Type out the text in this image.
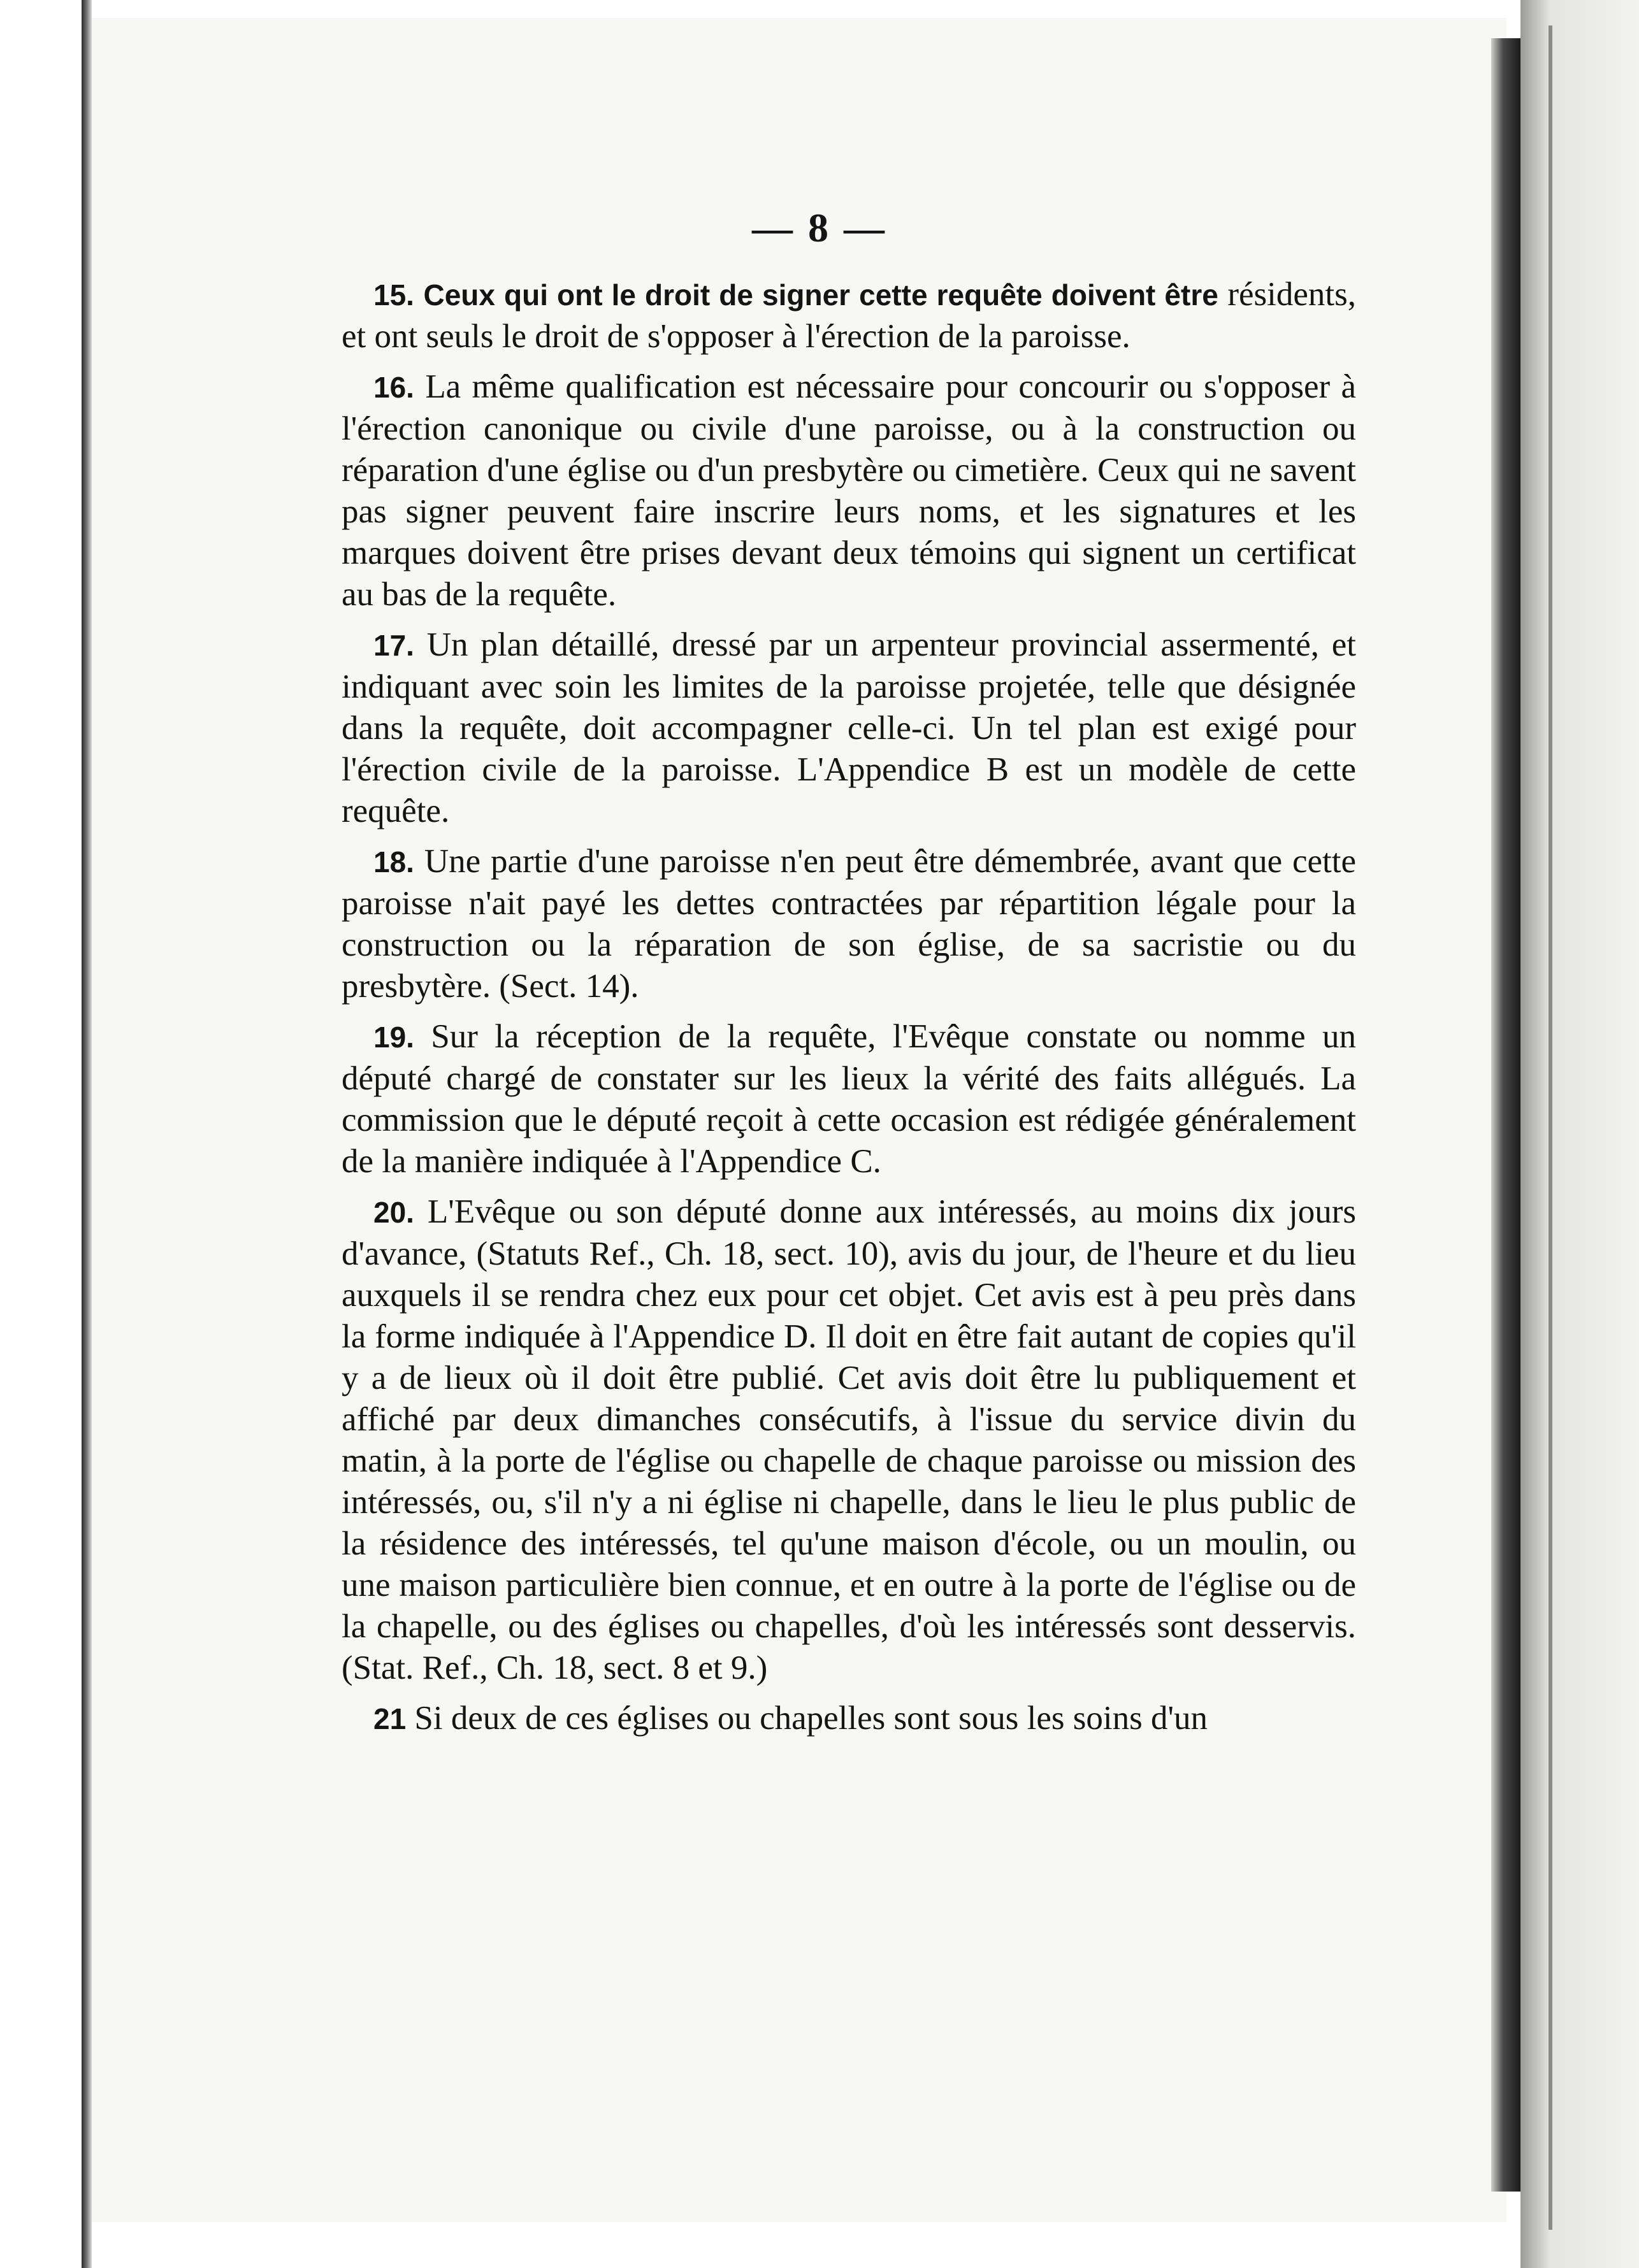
— 8 —

15. Ceux qui ont le droit de signer cette requête doivent être résidents, et ont seuls le droit de s'opposer à l'érection de la paroisse.

16. La même qualification est nécessaire pour concourir ou s'opposer à l'érection canonique ou civile d'une paroisse, ou à la construction ou réparation d'une église ou d'un presbytère ou cimetière. Ceux qui ne savent pas signer peuvent faire inscrire leurs noms, et les signatures et les marques doivent être prises devant deux témoins qui signent un certificat au bas de la requête.

17. Un plan détaillé, dressé par un arpenteur provincial assermenté, et indiquant avec soin les limites de la paroisse projetée, telle que désignée dans la requête, doit accompagner celle-ci. Un tel plan est exigé pour l'érection civile de la paroisse. L'Appendice B est un modèle de cette requête.

18. Une partie d'une paroisse n'en peut être démembrée, avant que cette paroisse n'ait payé les dettes contractées par répartition légale pour la construction ou la réparation de son église, de sa sacristie ou du presbytère. (Sect. 14).

19. Sur la réception de la requête, l'Evêque constate ou nomme un député chargé de constater sur les lieux la vérité des faits allégués. La commission que le député reçoit à cette occasion est rédigée généralement de la manière indiquée à l'Appendice C.

20. L'Evêque ou son député donne aux intéressés, au moins dix jours d'avance, (Statuts Ref., Ch. 18, sect. 10), avis du jour, de l'heure et du lieu auxquels il se rendra chez eux pour cet objet. Cet avis est à peu près dans la forme indiquée à l'Appendice D. Il doit en être fait autant de copies qu'il y a de lieux où il doit être publié. Cet avis doit être lu publiquement et affiché par deux dimanches consécutifs, à l'issue du service divin du matin, à la porte de l'église ou chapelle de chaque paroisse ou mission des intéressés, ou, s'il n'y a ni église ni chapelle, dans le lieu le plus public de la résidence des intéressés, tel qu'une maison d'école, ou un moulin, ou une maison particulière bien connue, et en outre à la porte de l'église ou de la chapelle, ou des églises ou chapelles, d'où les intéressés sont desservis. (Stat. Ref., Ch. 18, sect. 8 et 9.)

21 Si deux de ces églises ou chapelles sont sous les soins d'un
